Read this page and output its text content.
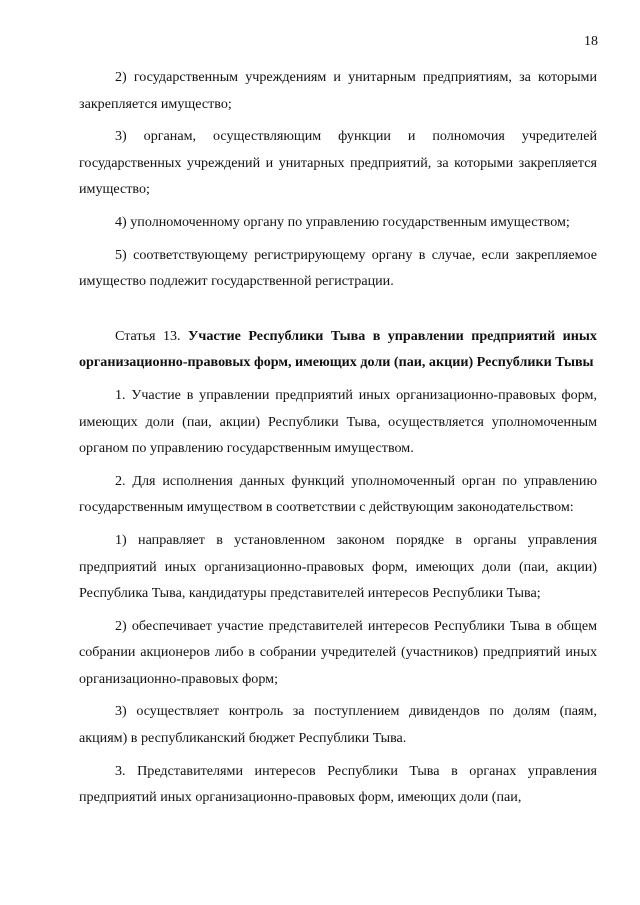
18

2) государственным учреждениям и унитарным предприятиям, за которыми закрепляется имущество;

3) органам, осуществляющим функции и полномочия учредителей государственных учреждений и унитарных предприятий, за которыми закрепляется имущество;

4) уполномоченному органу по управлению государственным имуществом;

5) соответствующему регистрирующему органу в случае, если закрепляемое имущество подлежит государственной регистрации.

Статья 13. Участие Республики Тыва в управлении предприятий иных организационно-правовых форм, имеющих доли (паи, акции) Республики Тывы

1. Участие в управлении предприятий иных организационно-правовых форм, имеющих доли (паи, акции) Республики Тыва, осуществляется уполномоченным органом по управлению государственным имуществом.

2. Для исполнения данных функций уполномоченный орган по управлению государственным имуществом в соответствии с действующим законодательством:

1) направляет в установленном законом порядке в органы управления предприятий иных организационно-правовых форм, имеющих доли (паи, акции) Республика Тыва, кандидатуры представителей интересов Республики Тыва;

2) обеспечивает участие представителей интересов Республики Тыва в общем собрании акционеров либо в собрании учредителей (участников) предприятий иных организационно-правовых форм;

3) осуществляет контроль за поступлением дивидендов по долям (паям, акциям) в республиканский бюджет Республики Тыва.

3. Представителями интересов Республики Тыва в органах управления предприятий иных организационно-правовых форм, имеющих доли (паи,
